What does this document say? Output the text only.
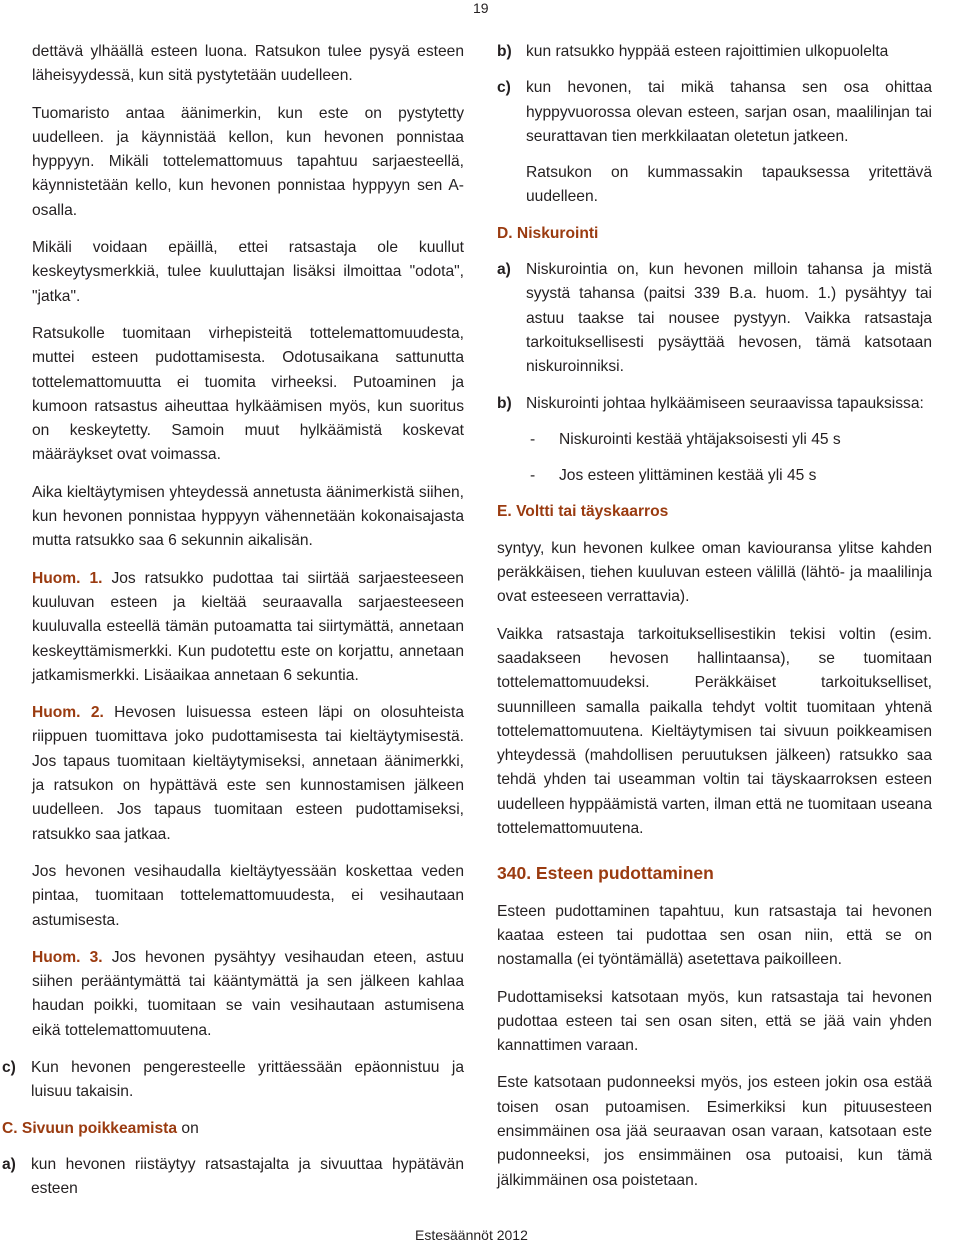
19

dettävä ylhäällä esteen luona. Ratsukon tulee pysyä esteen läheisyydessä, kun sitä pystytetään uudelleen.

Tuomaristo antaa äänimerkin, kun este on pystytetty uudelleen. ja käynnistää kellon, kun hevonen ponnistaa hyppyyn. Mikäli tottelemattomuus tapahtuu sarjaesteellä, käynnistetään kello, kun hevonen ponnistaa hyppyyn sen A-osalla.

Mikäli voidaan epäillä, ettei ratsastaja ole kuullut keskeytysmerkkiä, tulee kuuluttajan lisäksi ilmoittaa "odota", "jatka".

Ratsukolle tuomitaan virhepisteitä tottelemattomuudesta, muttei esteen pudottamisesta. Odotusaikana sattunutta tottelemattomuutta ei tuomita virheeksi. Putoaminen ja kumoon ratsastus aiheuttaa hylkäämisen myös, kun suoritus on keskeytetty. Samoin muut hylkäämistä koskevat määräykset ovat voimassa.

Aika kieltäytymisen yhteydessä annetusta äänimerkistä siihen, kun hevonen ponnistaa hyppyyn vähennetään kokonaisajasta mutta ratsukko saa 6 sekunnin aikalisän.

Huom. 1. Jos ratsukko pudottaa tai siirtää sarjaesteeseen kuuluvan esteen ja kieltää seuraavalla sarjaesteeseen kuuluvalla esteellä tämän putoamatta tai siirtymättä, annetaan keskeyttämismerkki. Kun pudotettu este on korjattu, annetaan jatkamismerkki. Lisäaikaa annetaan 6 sekuntia.

Huom. 2. Hevosen luisuessa esteen läpi on olosuhteista riippuen tuomittava joko pudottamisesta tai kieltäytymisestä. Jos tapaus tuomitaan kieltäytymiseksi, annetaan äänimerkki, ja ratsukon on hypättävä este sen kunnostamisen jälkeen uudelleen. Jos tapaus tuomitaan esteen pudottamiseksi, ratsukko saa jatkaa.

Jos hevonen vesihaudalla kieltäytyessään koskettaa veden pintaa, tuomitaan tottelemattomuudesta, ei vesihautaan astumisesta.

Huom. 3. Jos hevonen pysähtyy vesihaudan eteen, astuu siihen perääntymättä tai kääntymättä ja sen jälkeen kahlaa haudan poikki, tuomitaan se vain vesihautaan astumisena eikä tottelemattomuutena.

c) Kun hevonen pengeresteelle yrittäessään epäonnistuu ja luisuu takaisin.
C. Sivuun poikkeamista on
a) kun hevonen riistäytyy ratsastajalta ja sivuuttaa hypätävän esteen
b) kun ratsukko hyppää esteen rajoittimien ulkopuolelta
c) kun hevonen, tai mikä tahansa sen osa ohittaa hyppyvuorossa olevan esteen, sarjan osan, maalilinjan tai seurattavan tien merkkilaatan oletetun jatkeen.
Ratsukon on kummassakin tapauksessa yritettävä uudelleen.
D. Niskurointi
a) Niskurointia on, kun hevonen milloin tahansa ja mistä syystä tahansa (paitsi 339 B.a. huom. 1.) pysähtyy tai astuu taakse tai nousee pystyyn. Vaikka ratsastaja tarkoituksellisesti pysäyttää hevosen, tämä katsotaan niskuroinniksi.
b) Niskurointi johtaa hylkäämiseen seuraavissa tapauksissa:
- Niskurointi kestää yhtäjaksoisesti yli 45 s
- Jos esteen ylittäminen kestää yli 45 s
E. Voltti tai täyskaarros

syntyy, kun hevonen kulkee oman kaviouransa ylitse kahden peräkkäisen, tiehen kuuluvan esteen välillä (lähtö- ja maalilinja ovat esteeseen verrattavia).

Vaikka ratsastaja tarkoituksellisestikin tekisi voltin (esim. saadakseen hevosen hallintaansa), se tuomitaan tottelemattomuudeksi. Peräkkäiset tarkoitukselliset, suunnilleen samalla paikalla tehdyt voltit tuomitaan yhtenä tottelemattomuutena. Kieltäytymisen tai sivuun poikkeamisen yhteydessä (mahdollisen peruutuksen jälkeen) ratsukko saa tehdä yhden tai useamman voltin tai täyskaarroksen esteen uudelleen hyppäämistä varten, ilman että ne tuomitaan useana tottelemattomuutena.

340. Esteen pudottaminen

Esteen pudottaminen tapahtuu, kun ratsastaja tai hevonen kaataa esteen tai pudottaa sen osan niin, että se on nostamalla (ei työntämällä) asetettava paikoilleen.

Pudottamiseksi katsotaan myös, kun ratsastaja tai hevonen pudottaa esteen tai sen osan siten, että se jää vain yhden kannattimen varaan.

Este katsotaan pudonneeksi myös, jos esteen jokin osa estää toisen osan putoamisen. Esimerkiksi kun pituusesteen ensimmäinen osa jää seuraavan osan varaan, katsotaan este pudonneeksi, jos ensimmäinen osa putoaisi, kun tämä jälkimmäinen osa poistetaan.

Estesäännöt 2012
